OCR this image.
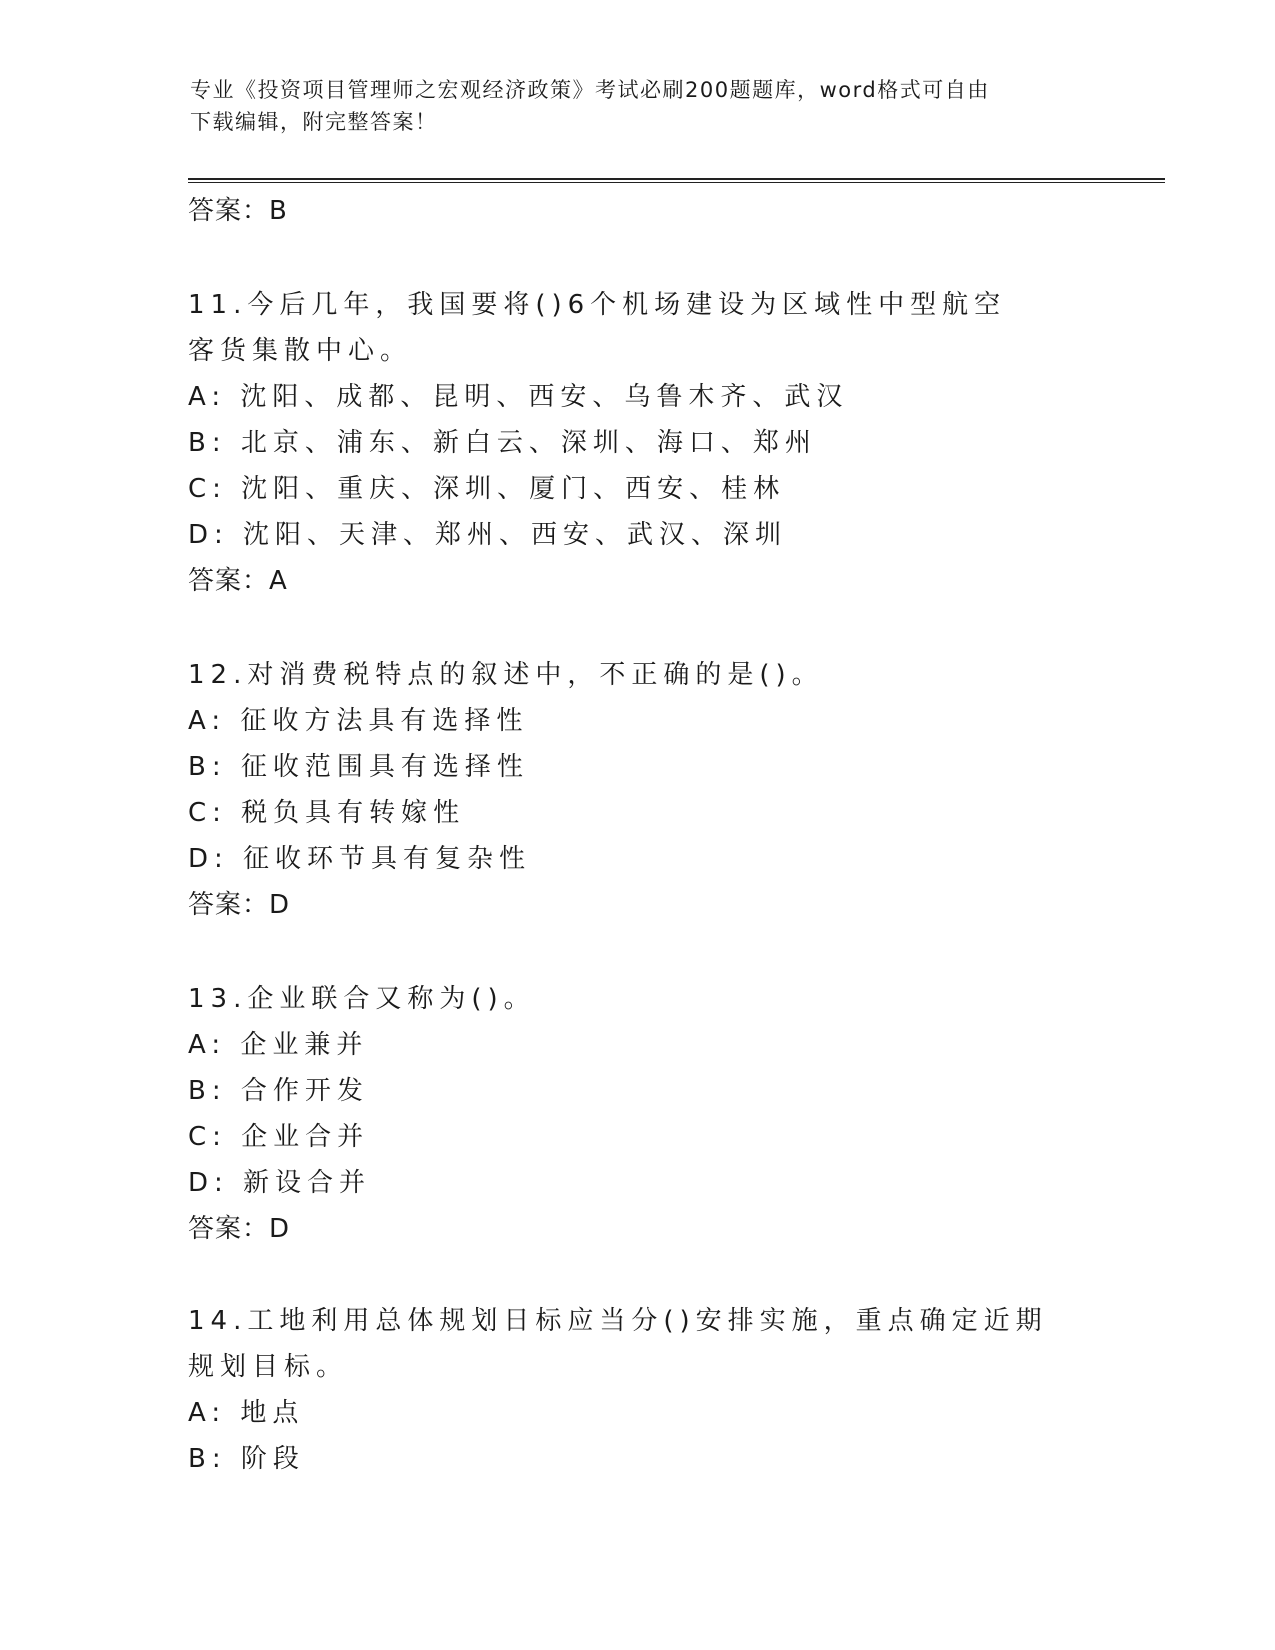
专业《投资项目管理师之宏观经济政策》考试必刷200题题库，word格式可自由
下载编辑，附完整答案！
答案：B
11.今后几年，我国要将()6个机场建设为区域性中型航空客货集散中心。
A: 沈阳、成都、昆明、西安、乌鲁木齐、武汉
B: 北京、浦东、新白云、深圳、海口、郑州
C: 沈阳、重庆、深圳、厦门、西安、桂林
D: 沈阳、天津、郑州、西安、武汉、深圳
答案：A
12.对消费税特点的叙述中，不正确的是()。
A: 征收方法具有选择性
B: 征收范围具有选择性
C: 税负具有转嫁性
D: 征收环节具有复杂性
答案：D
13.企业联合又称为()。
A: 企业兼并
B: 合作开发
C: 企业合并
D: 新设合并
答案：D
14.工地利用总体规划日标应当分()安排实施，重点确定近期规划目标。
A: 地点
B: 阶段
